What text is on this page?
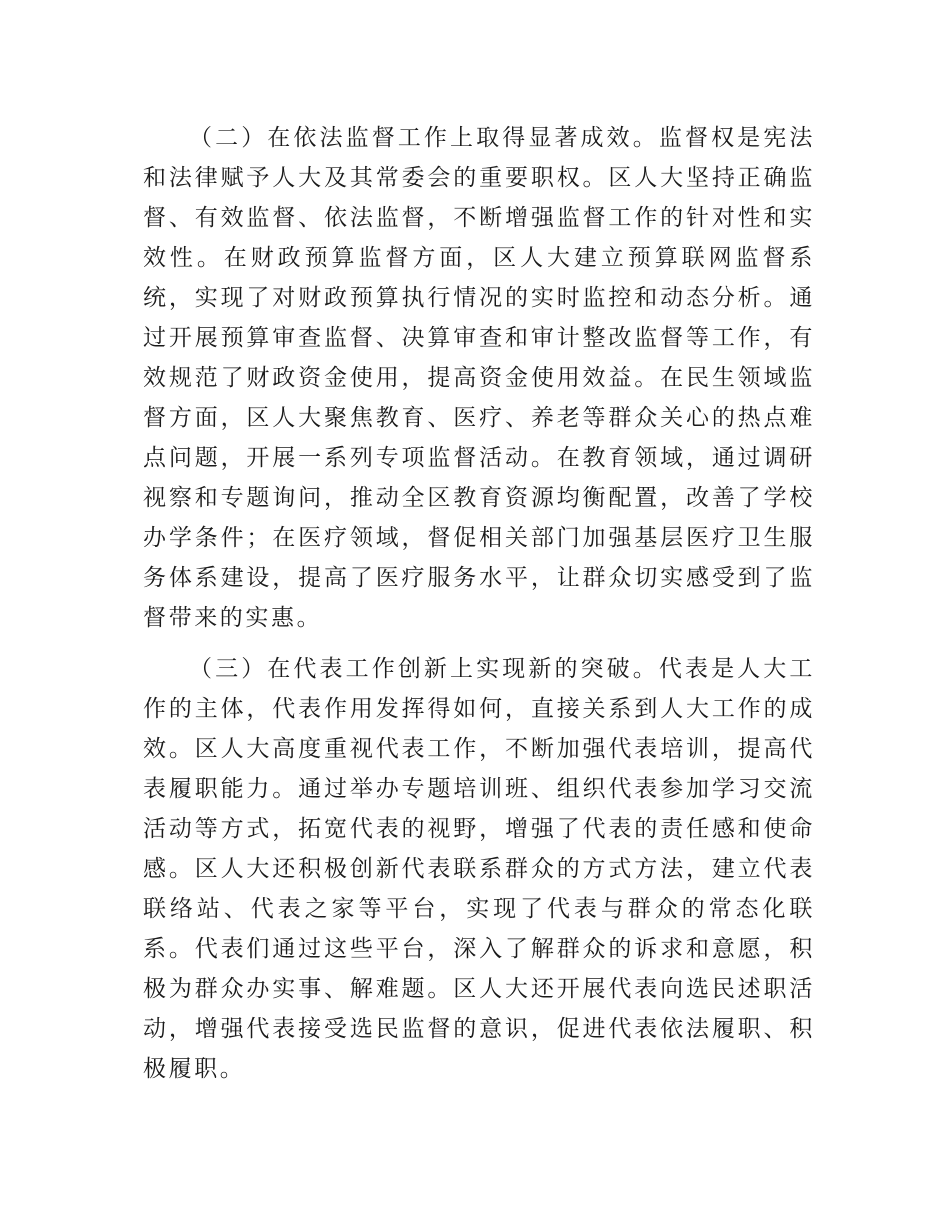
（二）在依法监督工作上取得显著成效。监督权是宪法和法律赋予人大及其常委会的重要职权。区人大坚持正确监督、有效监督、依法监督，不断增强监督工作的针对性和实效性。在财政预算监督方面，区人大建立预算联网监督系统，实现了对财政预算执行情况的实时监控和动态分析。通过开展预算审查监督、决算审查和审计整改监督等工作，有效规范了财政资金使用，提高资金使用效益。在民生领域监督方面，区人大聚焦教育、医疗、养老等群众关心的热点难点问题，开展一系列专项监督活动。在教育领域，通过调研视察和专题询问，推动全区教育资源均衡配置，改善了学校办学条件；在医疗领域，督促相关部门加强基层医疗卫生服务体系建设，提高了医疗服务水平，让群众切实感受到了监督带来的实惠。

（三）在代表工作创新上实现新的突破。代表是人大工作的主体，代表作用发挥得如何，直接关系到人大工作的成效。区人大高度重视代表工作，不断加强代表培训，提高代表履职能力。通过举办专题培训班、组织代表参加学习交流活动等方式，拓宽代表的视野，增强了代表的责任感和使命感。区人大还积极创新代表联系群众的方式方法，建立代表联络站、代表之家等平台，实现了代表与群众的常态化联系。代表们通过这些平台，深入了解群众的诉求和意愿，积极为群众办实事、解难题。区人大还开展代表向选民述职活动，增强代表接受选民监督的意识，促进代表依法履职、积极履职。
